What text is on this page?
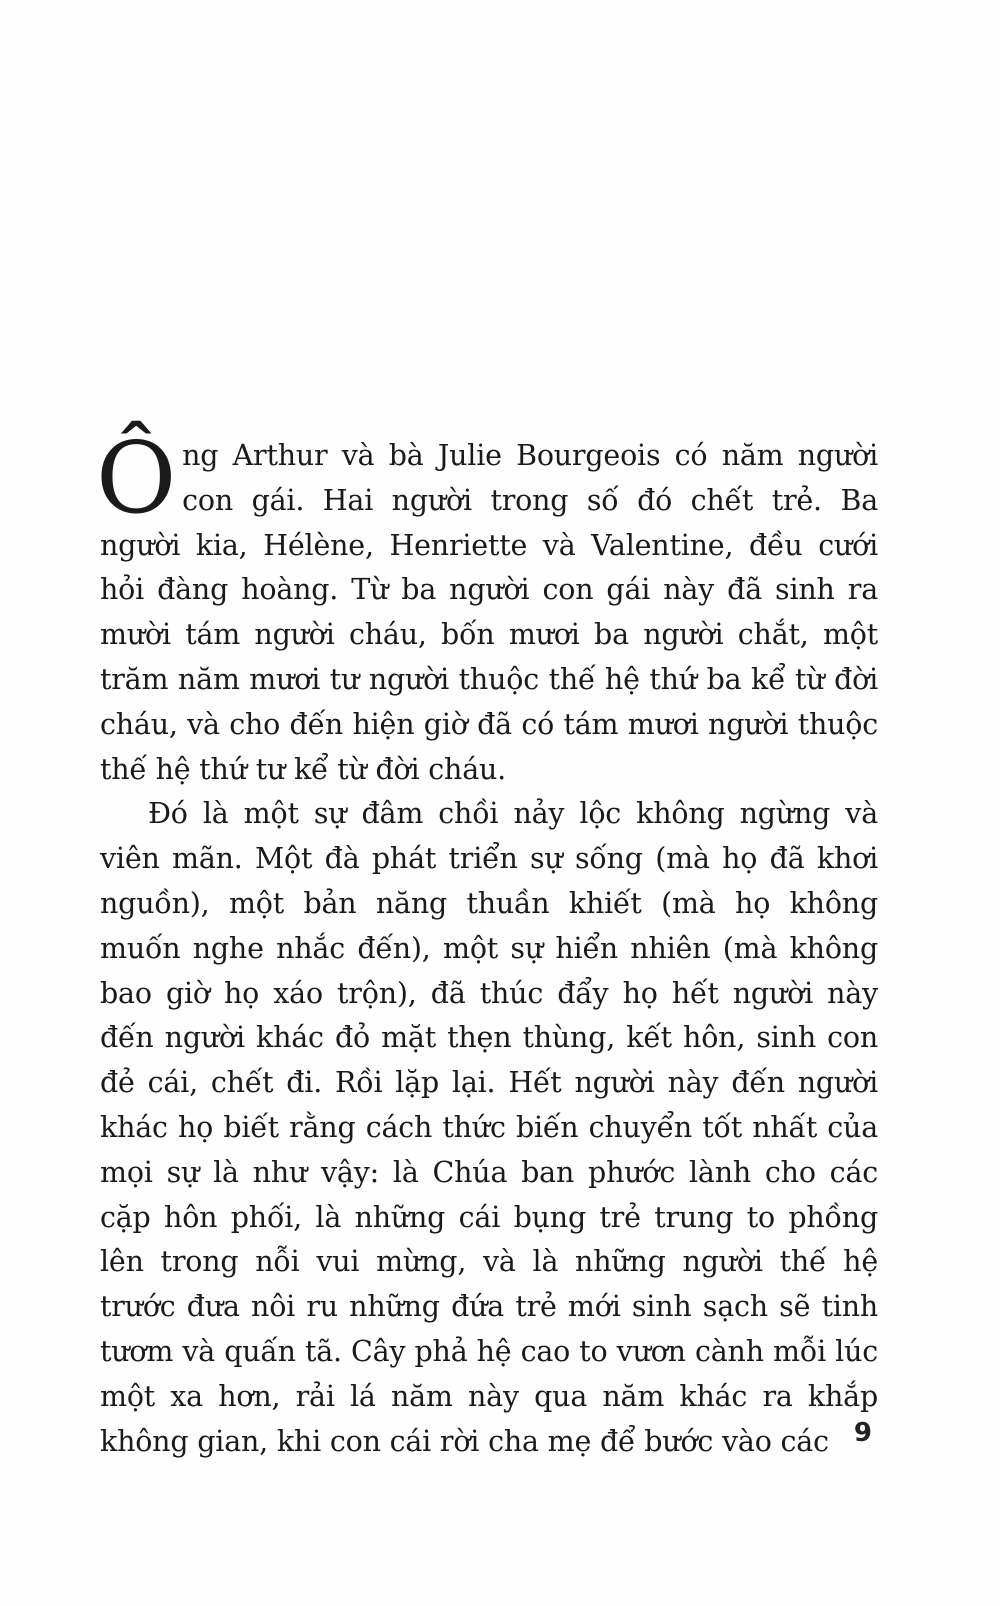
Ông Arthur và bà Julie Bourgeois có năm người con gái. Hai người trong số đó chết trẻ. Ba người kia, Hélène, Henriette và Valentine, đều cưới hỏi đàng hoàng. Từ ba người con gái này đã sinh ra mười tám người cháu, bốn mươi ba người chắt, một trăm năm mươi tư người thuộc thế hệ thứ ba kể từ đời cháu, và cho đến hiện giờ đã có tám mươi người thuộc thế hệ thứ tư kể từ đời cháu.

Đó là một sự đâm chồi nảy lộc không ngừng và viên mãn. Một đà phát triển sự sống (mà họ đã khơi nguồn), một bản năng thuần khiết (mà họ không muốn nghe nhắc đến), một sự hiển nhiên (mà không bao giờ họ xáo trộn), đã thúc đẩy họ hết người này đến người khác đỏ mặt thẹn thùng, kết hôn, sinh con đẻ cái, chết đi. Rồi lặp lại. Hết người này đến người khác họ biết rằng cách thức biến chuyển tốt nhất của mọi sự là như vậy: là Chúa ban phước lành cho các cặp hôn phối, là những cái bụng trẻ trung to phồng lên trong nỗi vui mừng, và là những người thế hệ trước đưa nôi ru những đứa trẻ mới sinh sạch sẽ tinh tươm và quấn tã. Cây phả hệ cao to vươn cành mỗi lúc một xa hơn, rải lá năm này qua năm khác ra khắp không gian, khi con cái rời cha mẹ để bước vào các 9
